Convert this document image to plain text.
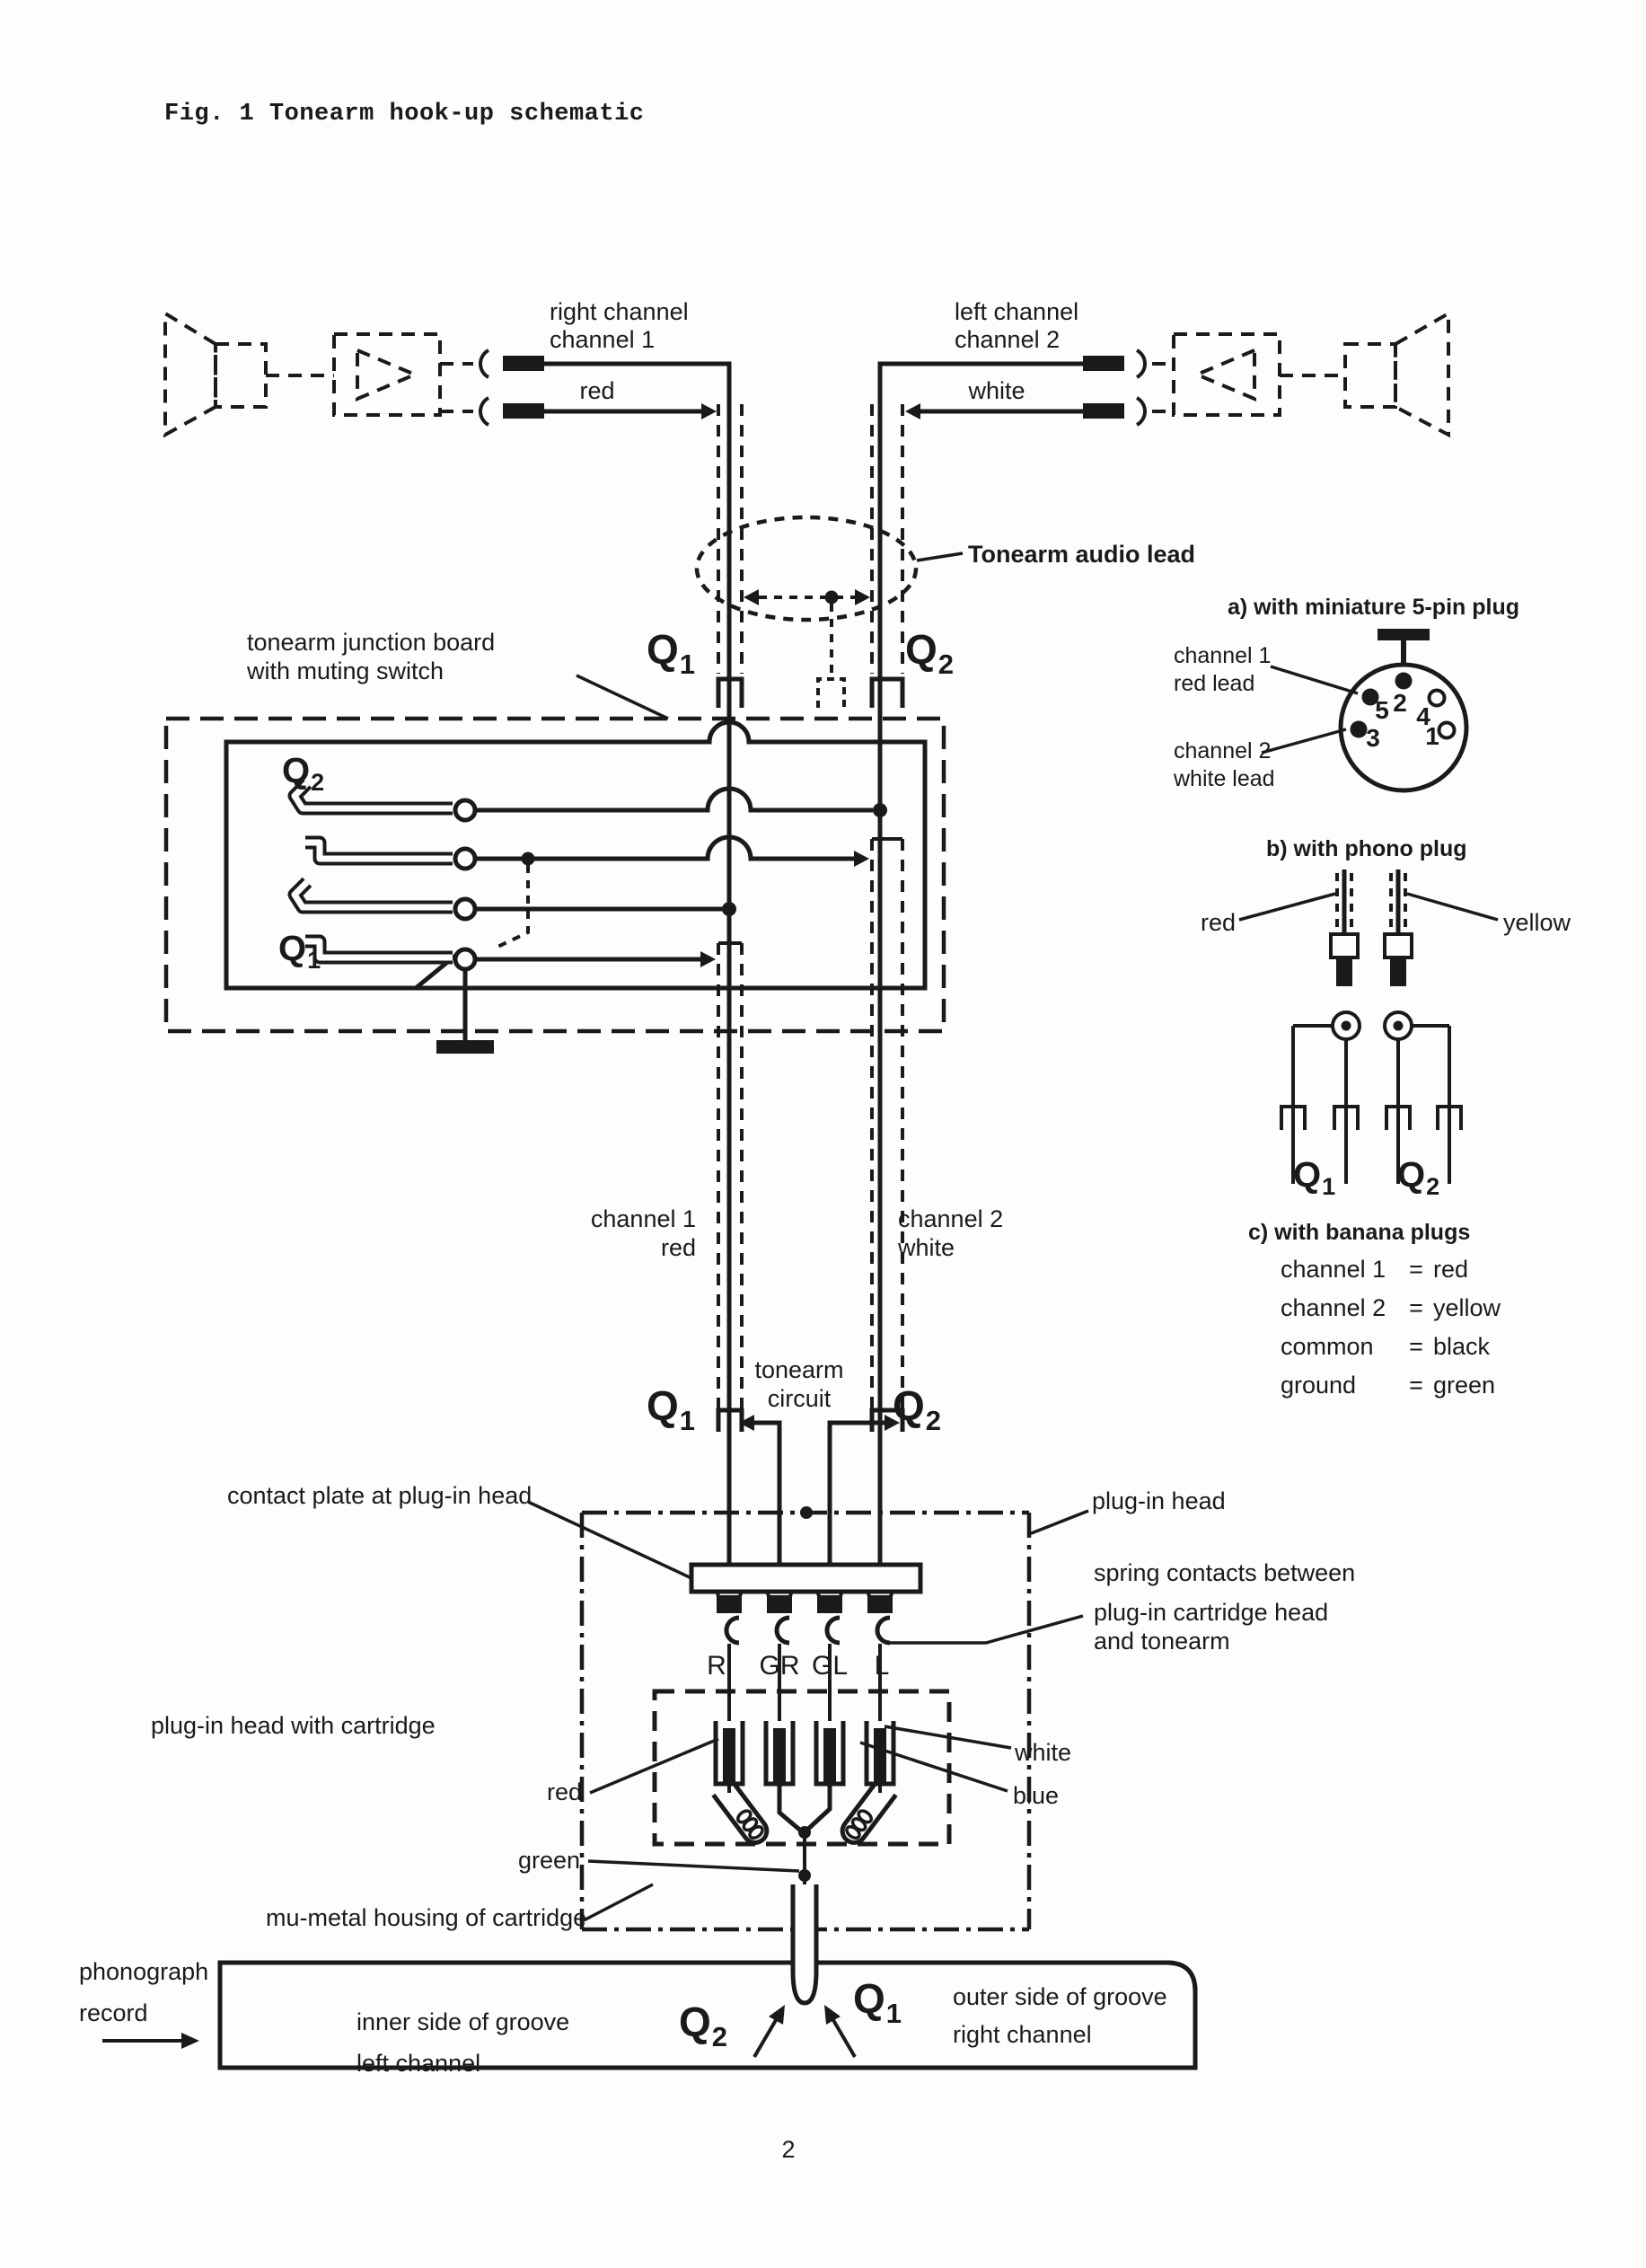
Fig. 1 Tonearm hook-up schematic
right channel
channel 1
left channel
channel 2
red	white
Tonearm audio lead
tonearm junction board
with muting switch	$Q_1$	$Q_2$
$Q_2$
$Q_1$
a) with miniature 5-pin plug
channel 1
red lead
channel 2
white lead
5 2 4
3 1
b) with phono plug
red	yellow
$Q_1$ $Q_2$
c) with banana plugs
channel 1 = red
channel 2 = yellow
common	= black
ground	= green
channel 1
red
channel 2
white
tonearm
circuit
$Q_1$	$Q_2$
contact plate at plug-in head	plug-in head
spring contacts between
plug-in cartridge head
and tonearm
R	GR GL L
plug-in head with cartridge
red
green
white
blue
mu-metal housing of cartridge
phonograph
record	inner side of groove
left channel
$Q_2$
$Q_1$
outer side of groove
right channel
2
